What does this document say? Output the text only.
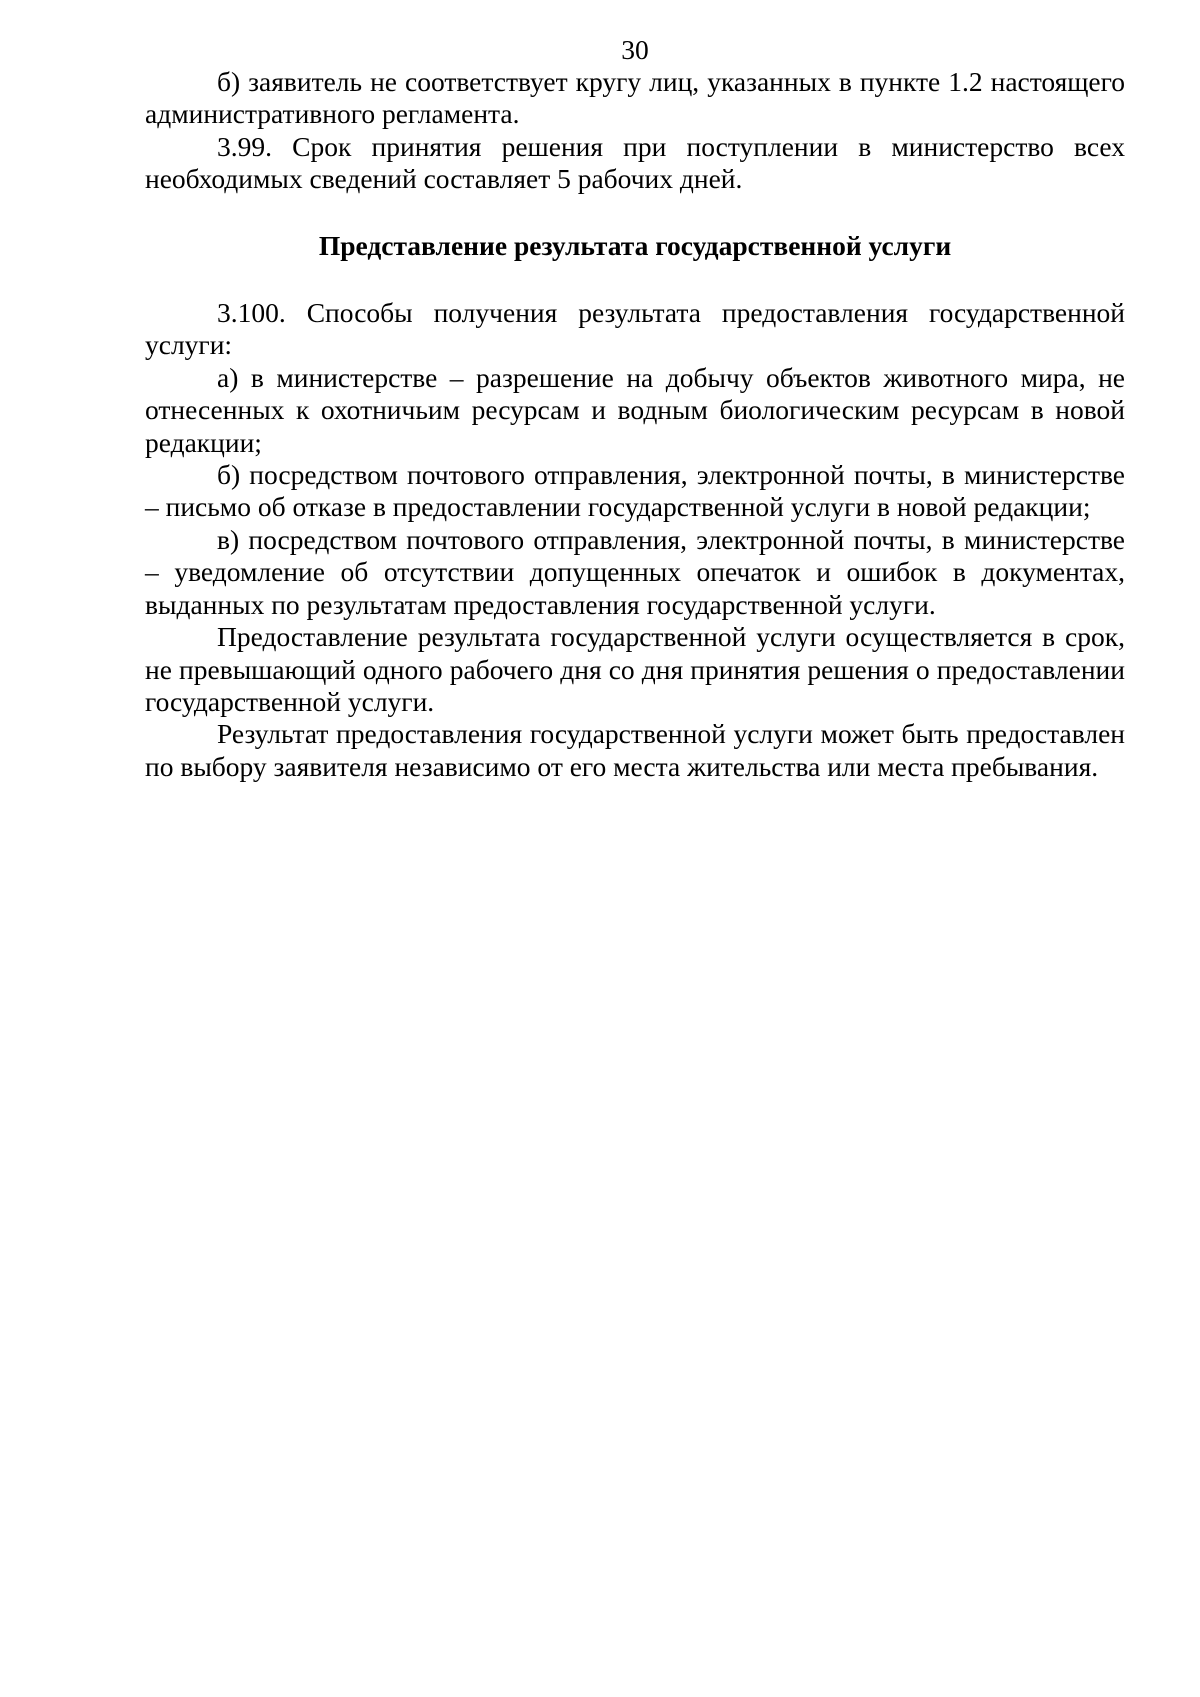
30

б) заявитель не соответствует кругу лиц, указанных в пункте 1.2 настоящего административного регламента.

3.99. Срок принятия решения при поступлении в министерство всех необходимых сведений составляет 5 рабочих дней.

Представление результата государственной услуги

3.100. Способы получения результата предоставления государственной услуги:

а) в министерстве – разрешение на добычу объектов животного мира, не отнесенных к охотничьим ресурсам и водным биологическим ресурсам в новой редакции;

б) посредством почтового отправления, электронной почты, в министерстве – письмо об отказе в предоставлении государственной услуги в новой редакции;

в) посредством почтового отправления, электронной почты, в министерстве – уведомление об отсутствии допущенных опечаток и ошибок в документах, выданных по результатам предоставления государственной услуги.

Предоставление результата государственной услуги осуществляется в срок, не превышающий одного рабочего дня со дня принятия решения о предоставлении государственной услуги.

Результат предоставления государственной услуги может быть предоставлен по выбору заявителя независимо от его места жительства или места пребывания.
